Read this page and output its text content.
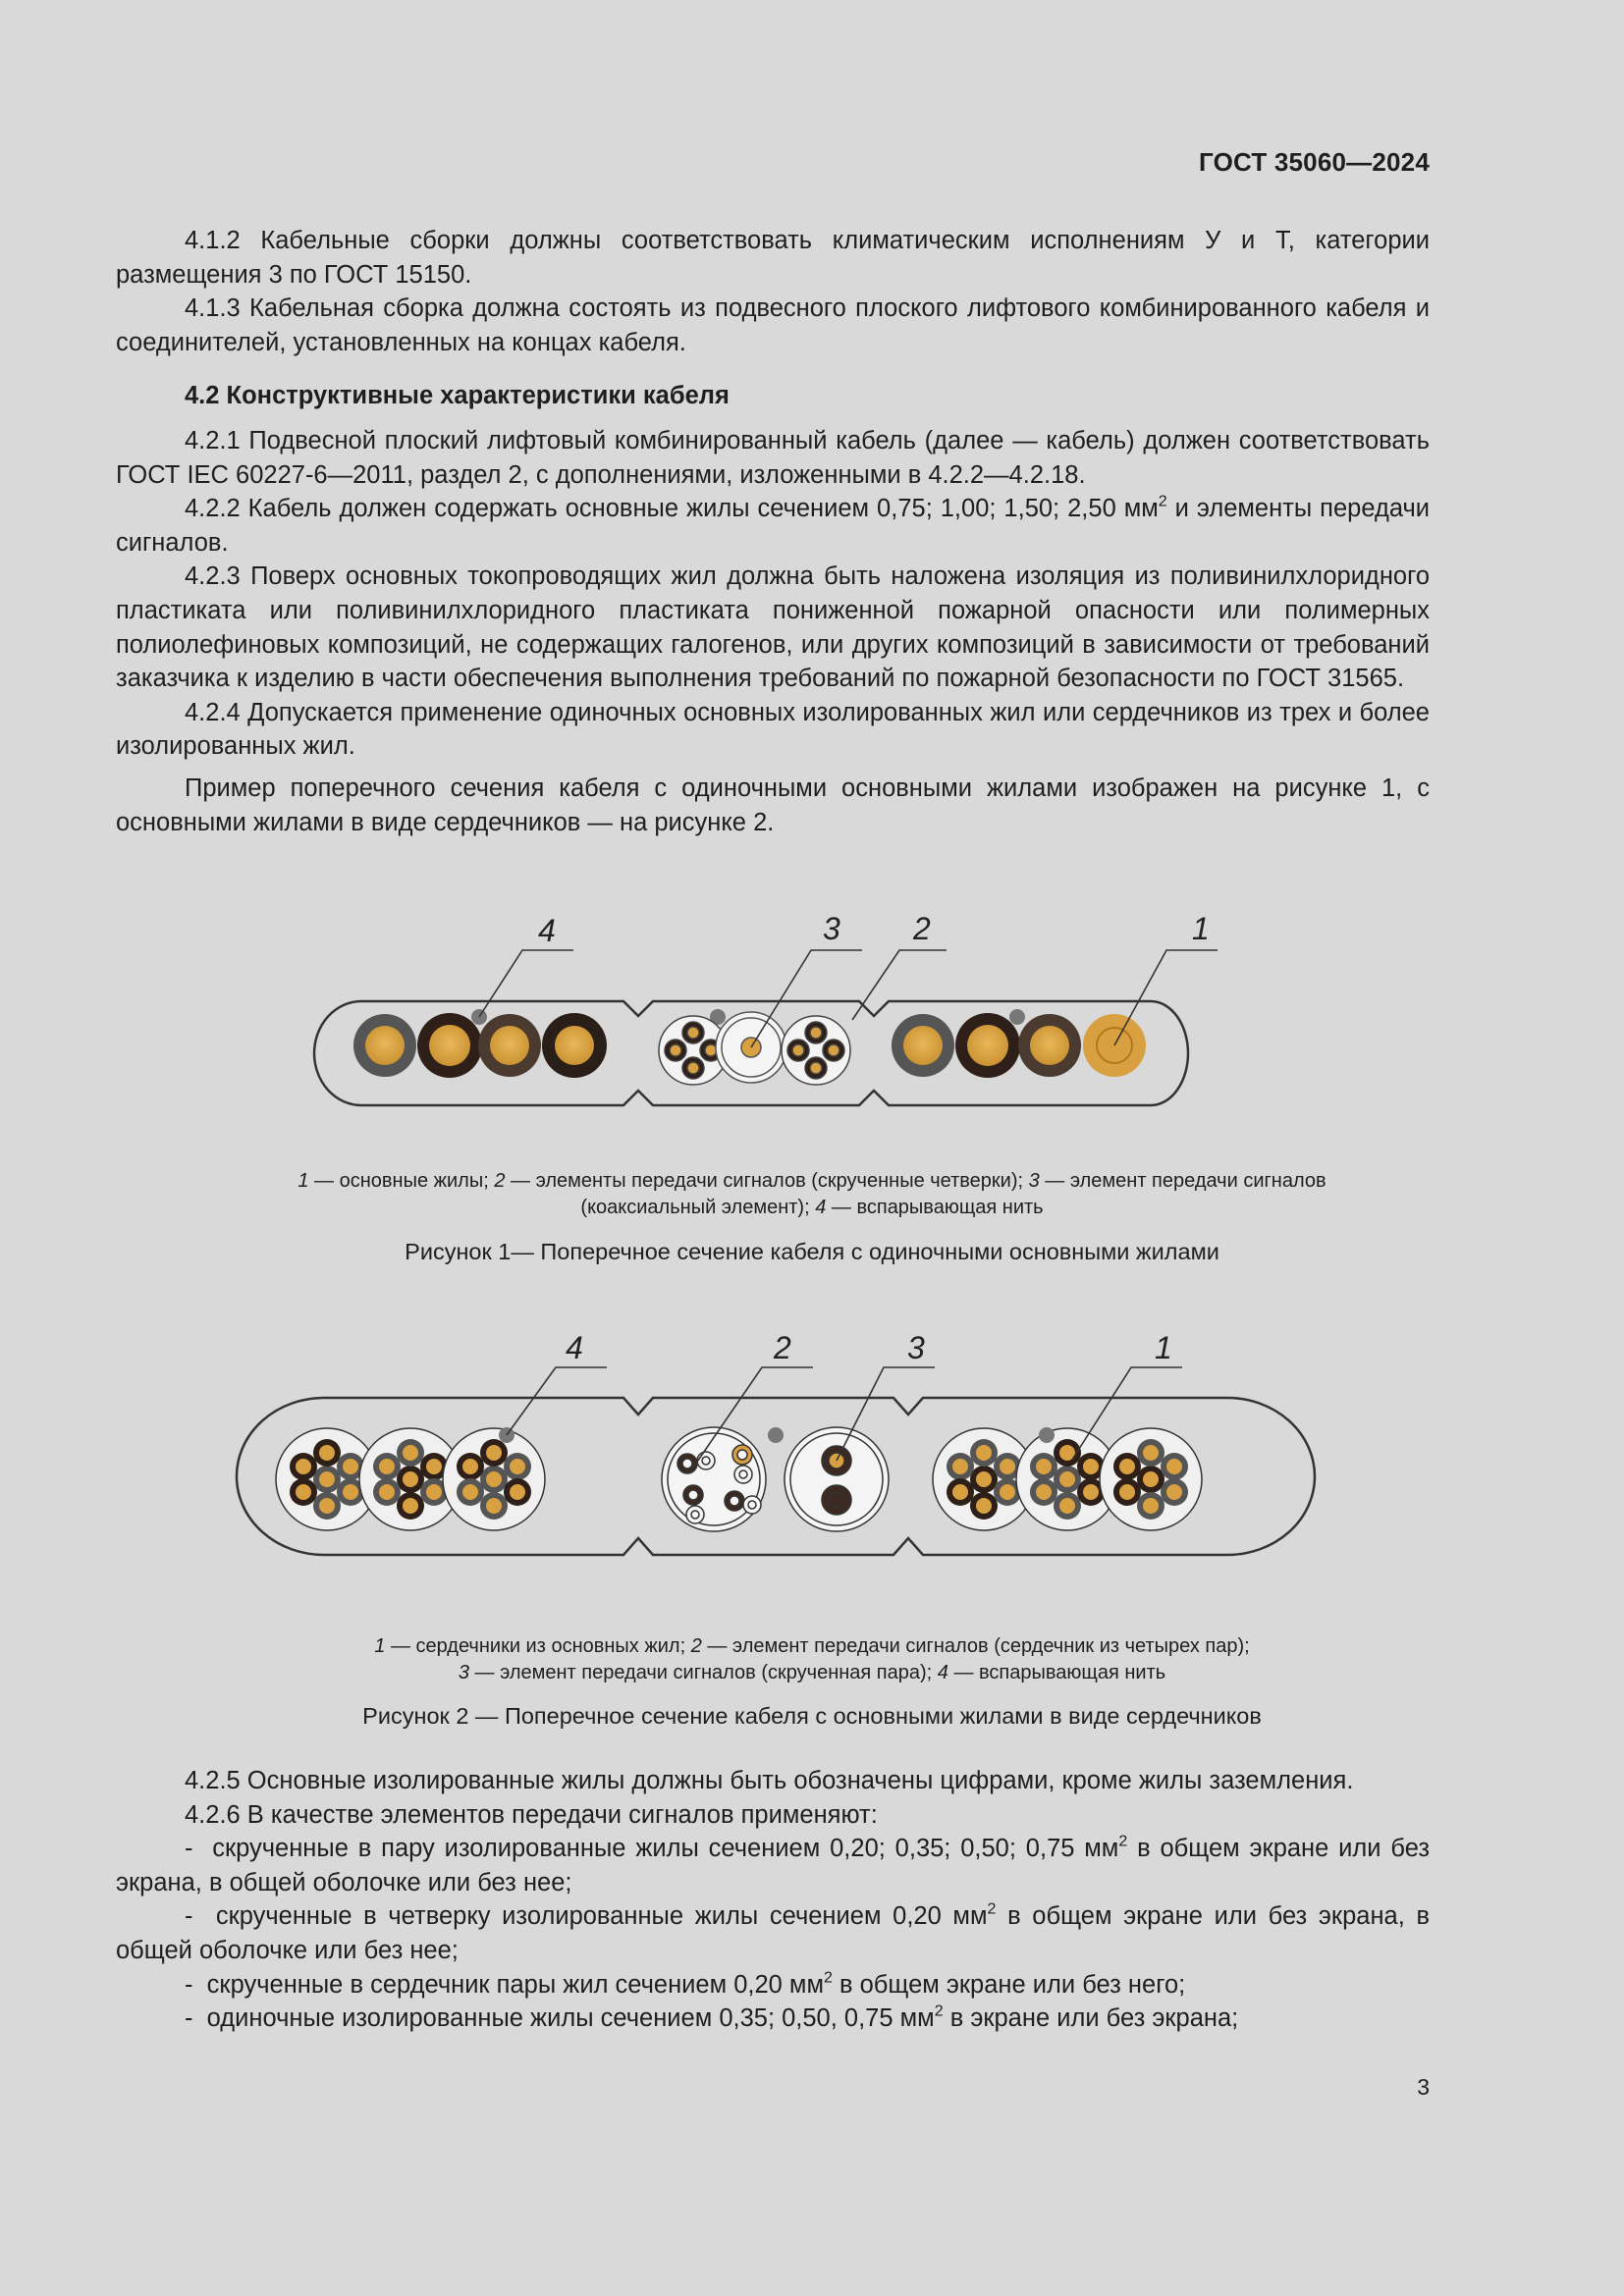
ГОСТ 35060—2024

4.1.2 Кабельные сборки должны соответствовать климатическим исполнениям У и Т, категории размещения 3 по ГОСТ 15150.

4.1.3 Кабельная сборка должна состоять из подвесного плоского лифтового комбинированного кабеля и соединителей, установленных на концах кабеля.

4.2 Конструктивные характеристики кабеля

4.2.1 Подвесной плоский лифтовый комбинированный кабель (далее — кабель) должен соответствовать ГОСТ IEC 60227-6—2011, раздел 2, с дополнениями, изложенными в 4.2.2—4.2.18.

4.2.2 Кабель должен содержать основные жилы сечением 0,75; 1,00; 1,50; 2,50 $мм^2$ и элементы передачи сигналов.

4.2.3 Поверх основных токопроводящих жил должна быть наложена изоляция из поливинилхлоридного пластиката или поливинилхлоридного пластиката пониженной пожарной опасности или полимерных полиолефиновых композиций, не содержащих галогенов, или других композиций в зависимости от требований заказчика к изделию в части обеспечения выполнения требований по пожарной безопасности по ГОСТ 31565.

4.2.4 Допускается применение одиночных основных изолированных жил или сердечников из трех и более изолированных жил.

Пример поперечного сечения кабеля с одиночными основными жилами изображен на рисунке 1, с основными жилами в виде сердечников — на рисунке 2.

4	3 2	1
1 — основные жилы; 2 — элементы передачи сигналов (скрученные четверки); 3 — элемент передачи сигналов
(коаксиальный элемент); 4 — вспарывающая нить
Рисунок 1— Поперечное сечение кабеля с одиночными основными жилами
4	2	3	1
1 — сердечники из основных жил; 2 — элемент передачи сигналов (сердечник из четырех пар);
3 — элемент передачи сигналов (скрученная пара); 4 — вспарывающая нить
Рисунок 2 — Поперечное сечение кабеля с основными жилами в виде сердечников

4.2.5 Основные изолированные жилы должны быть обозначены цифрами, кроме жилы заземления.

4.2.6 В качестве элементов передачи сигналов применяют:

- скрученные в пару изолированные жилы сечением 0,20; 0,35; 0,50; 0,75 $мм^2$ в общем экране или без экрана, в общей оболочке или без нее;

- скрученные в четверку изолированные жилы сечением 0,20 $мм^2$ в общем экране или без экрана, в общей оболочке или без нее;

- скрученные в сердечник пары жил сечением 0,20 $мм^2$ в общем экране или без него;

- одиночные изолированные жилы сечением 0,35; 0,50, 0,75 $мм^2$ в экране или без экрана;

3
